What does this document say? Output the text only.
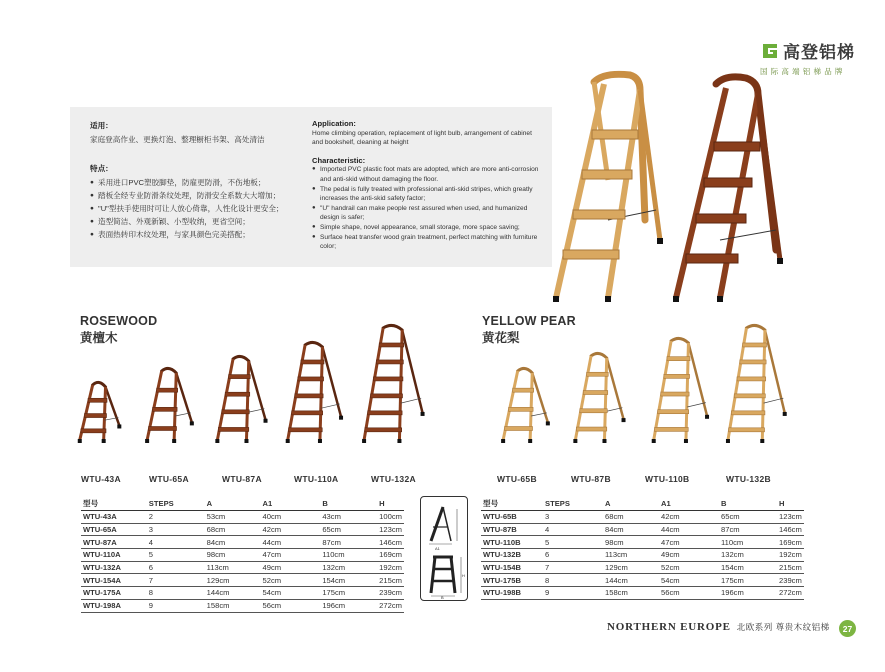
高登铝梯
国际高端铝梯品牌
适用：
家庭登高作业、更换灯泡、整理橱柜书架、高处清洁
特点：
● 采用进口PVC塑胶脚垫，防雇更防滑，不伤地板；
● 踏板全经专业防滑条纹处理，防滑安全系数大大增加；
● "U"型扶手使用时可让人放心倚靠，人性化设计更安全；
● 造型简洁、外观新颖、小型收纳，更省空间；
● 表面热转印木纹处理，与家具颜色完美搭配；
Application:
Home climbing operation, replacement of light bulb, arrangement of cabinet and bookshelf, cleaning at height
Characteristic:
● Imported PVC plastic foot mats are adopted, which are more anti-corrosion and anti-skid without damaging the floor.
● The pedal is fully treated with professional anti-skid stripes, which greatly increases the anti-skid safety factor;
● "U" handrail can make people rest assured when used, and humanized design is safer;
● Simple shape, novel appearance, small storage, more space saving;
● Surface heat transfer wood grain treatment, perfect matching with furniture color;
ROSEWOOD
黄檀木
WTU-43A	WTU-65A	WTU-87A	WTU-110A	WTU-132A
YELLOW PEAR
黄花梨
WTU-65B	WTU-87B	WTU-110B	WTU-132B
型号	STEPS	A	A1	B	H
WTU-43A	2	53cm	40cm	43cm	100cm
WTU-65A	3	68cm	42cm	65cm	123cm
WTU-87A	4	84cm	44cm	87cm	146cm
WTU-110A	5	98cm	47cm	110cm	169cm
WTU-132A	6	113cm	49cm	132cm	192cm
WTU-154A	7	129cm	52cm	154cm	215cm
WTU-175A	8	144cm	54cm	175cm	239cm
WTU-198A	9	158cm	56cm	196cm	272cm
A1
H
B
型号	STEPS	A	A1	B	H
WTU-65B	3	68cm	42cm	65cm	123cm
WTU-87B	4	84cm	44cm	87cm	146cm
WTU-110B	5	98cm	47cm	110cm	169cm
WTU-132B	6	113cm	49cm	132cm	192cm
WTU-154B	7	129cm	52cm	154cm	215cm
WTU-175B	8	144cm	54cm	175cm	239cm
WTU-198B	9	158cm	56cm	196cm	272cm
NORTHERN EUROPE 北欧系列 尊贵木纹铝梯	27
